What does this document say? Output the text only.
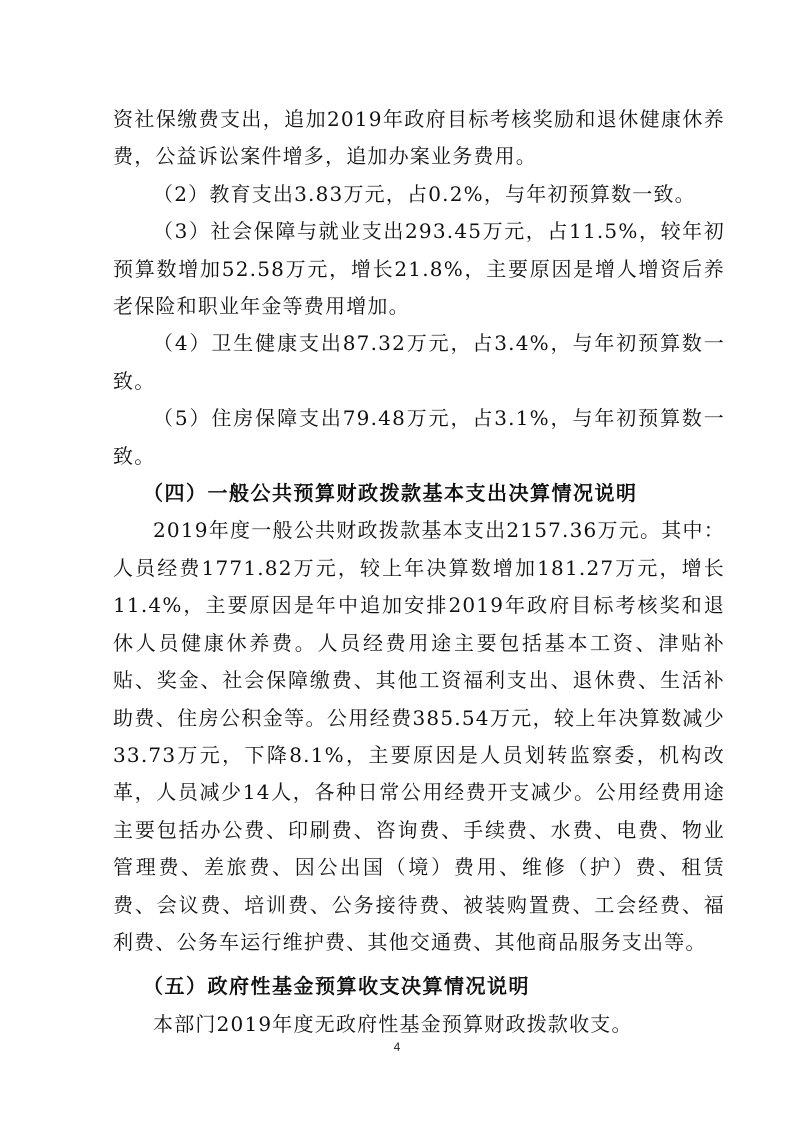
资社保缴费支出，追加2019年政府目标考核奖励和退休健康休养费，公益诉讼案件增多，追加办案业务费用。

（2）教育支出3.83万元，占0.2%，与年初预算数一致。

（3）社会保障与就业支出293.45万元，占11.5%，较年初预算数增加52.58万元，增长21.8%，主要原因是增人增资后养老保险和职业年金等费用增加。

（4）卫生健康支出87.32万元，占3.4%，与年初预算数一致。

（5）住房保障支出79.48万元，占3.1%，与年初预算数一致。

（四）一般公共预算财政拨款基本支出决算情况说明

2019年度一般公共财政拨款基本支出2157.36万元。其中：人员经费1771.82万元，较上年决算数增加181.27万元，增长11.4%，主要原因是年中追加安排2019年政府目标考核奖和退休人员健康休养费。人员经费用途主要包括基本工资、津贴补贴、奖金、社会保障缴费、其他工资福利支出、退休费、生活补助费、住房公积金等。公用经费385.54万元，较上年决算数减少33.73万元，下降8.1%，主要原因是人员划转监察委，机构改革，人员减少14人，各种日常公用经费开支减少。公用经费用途主要包括办公费、印刷费、咨询费、手续费、水费、电费、物业管理费、差旅费、因公出国（境）费用、维修（护）费、租赁费、会议费、培训费、公务接待费、被装购置费、工会经费、福利费、公务车运行维护费、其他交通费、其他商品服务支出等。

（五）政府性基金预算收支决算情况说明

本部门2019年度无政府性基金预算财政拨款收支。

4
